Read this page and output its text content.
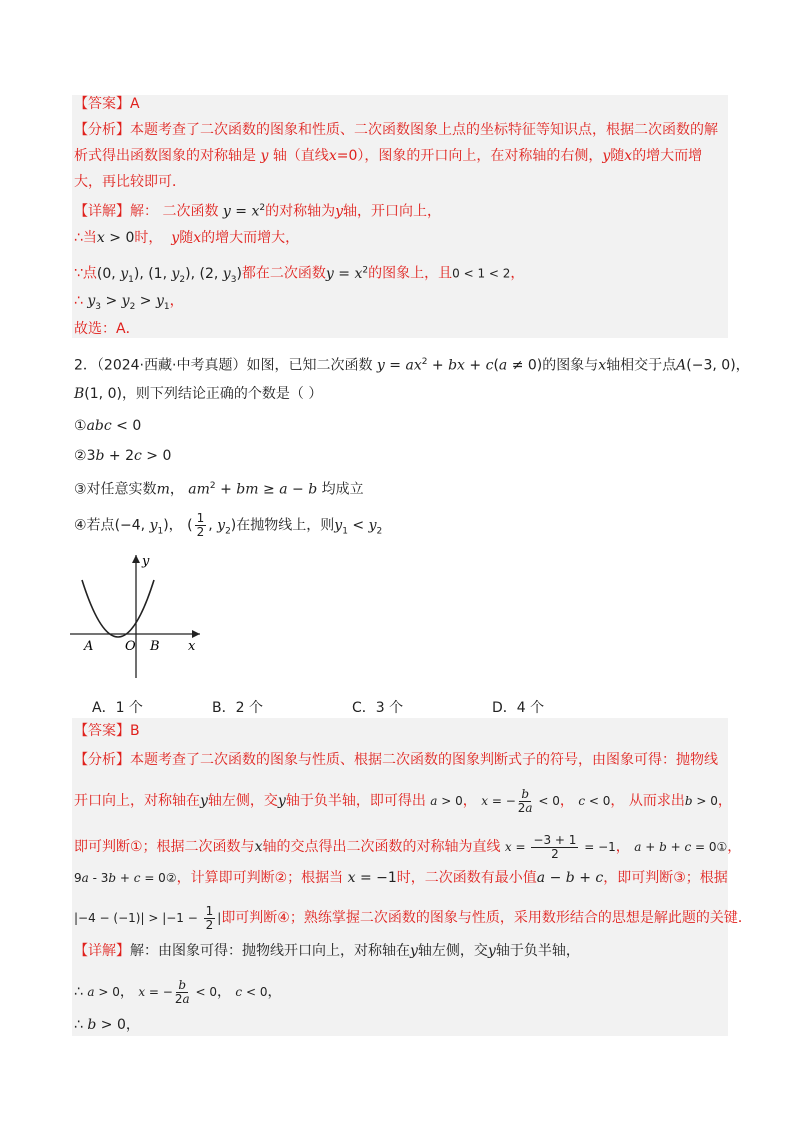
【答案】A
【分析】本题考查了二次函数的图象和性质、二次函数图象上点的坐标特征等知识点，根据二次函数的解
析式得出函数图象的对称轴是 y 轴（直线x=0），图象的开口向上，在对称轴的右侧，y随x的增大而增
大，再比较即可．
【详解】解： 二次函数 $y = x^2$的对称轴为y轴，开口向上，
∴当x > 0时， y随x的增大而增大，
∵点(0, $y_1$), (1, $y_2$), (2, $y_3$)都在二次函数$y = x^2$的图象上，且0 < 1 < 2，
∴ $y_3 > y_2 > y_1$，
故选：A．
2．（2024·西藏·中考真题）如图，已知二次函数 $y = ax^2$ + bx + c(a ≠ 0)的图象与x轴相交于点A(−3, 0)，
B(1, 0)，则下列结论正确的个数是（ ）
①abc < 0
②3b + 2c > 0
③对任意实数m， $am^2$ + bm ≥ a − b 均成立
④若点(−4, $y_1$)， ( $\frac{1}{2}$ , $y_2$)在抛物线上，则$y_1 < y_2$
y
x
A O B
A．1 个	B．2 个	C．3 个	D．4 个
【答案】B
【分析】本题考查了二次函数的图象与性质、根据二次函数的图象判断式子的符号，由图象可得：抛物线
开口向上，对称轴在y轴左侧，交y轴于负半轴，即可得出 a > 0， x = − $\frac{b}{2a} < 0$， c < 0， 从而求出b > 0，
即可判断①；根据二次函数与x轴的交点得出二次函数的对称轴为直线 $x = \frac{-3 + 1}{2} = -1$， a + b + c = 0①，
9a - 3b + c = 0②，计算即可判断②；根据当 x = −1时，二次函数有最小值a − b + c，即可判断③；根据
$|-4 - (-1)| > |-1 - \frac{1}{2}$ |即可判断④；熟练掌握二次函数的图象与性质，采用数形结合的思想是解此题的关键．
【详解】解：由图象可得：抛物线开口向上，对称轴在y轴左侧，交y轴于负半轴，
∴ a > 0， x = − $\frac{b}{2a} < 0$， c < 0，
∴ b > 0，
